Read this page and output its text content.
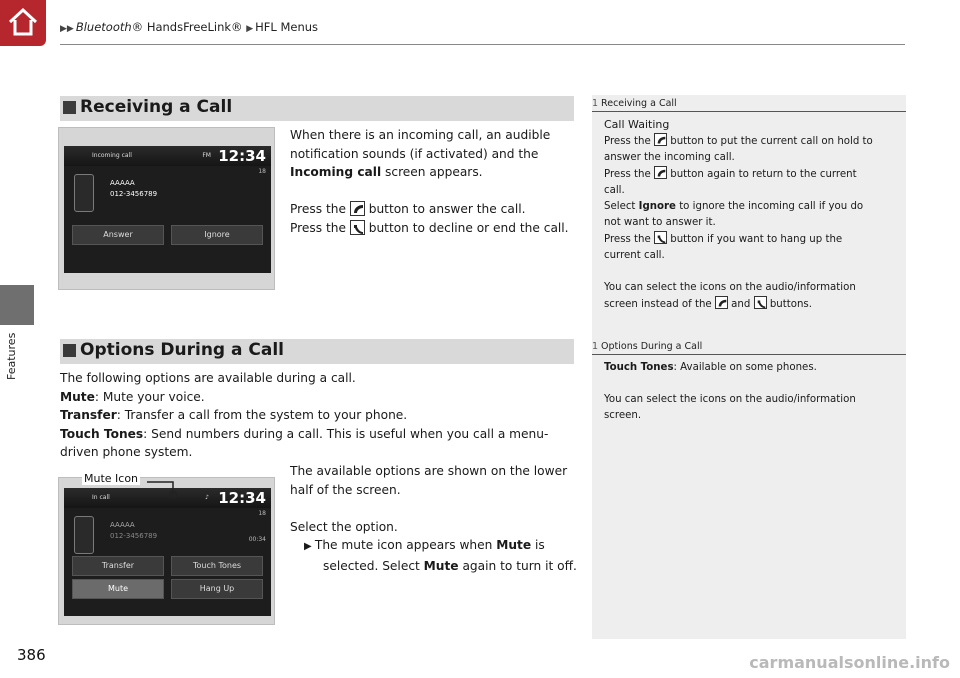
▶▶ Bluetooth® HandsFreeLink® ▶ HFL Menus
Features
Receiving a Call
Incoming call	FM 12:34
18
AAAAA
012-3456789
Answer	Ignore
When there is an incoming call, an audible
notification sounds (if activated) and the
Incoming call screen appears.
Press the
button to answer the call.
Press the
button to decline or end the call.
Options During a Call
The following options are available during a call.
Mute: Mute your voice.
Transfer: Transfer a call from the system to your phone.
Touch Tones: Send numbers during a call. This is useful when you call a menu-
driven phone system.
In call	♪ 12:34
18
AAAAA
012-3456789	00:34
Transfer	Touch Tones
Mute	Hang Up
Mute Icon
The available options are shown on the lower
half of the screen.
Select the option.
▶ The mute icon appears when Mute is
selected. Select Mute again to turn it off.
1 Receiving a Call
Call Waiting
Press the
button to put the current call on hold to
answer the incoming call.
Press the
button again to return to the current
call.
Select Ignore to ignore the incoming call if you do
not want to answer it.
Press the
button if you want to hang up the
current call.
You can select the icons on the audio/information
screen instead of the
and
buttons.
1 Options During a Call
Touch Tones: Available on some phones.
You can select the icons on the audio/information
screen.
386	carmanualsonline.info
